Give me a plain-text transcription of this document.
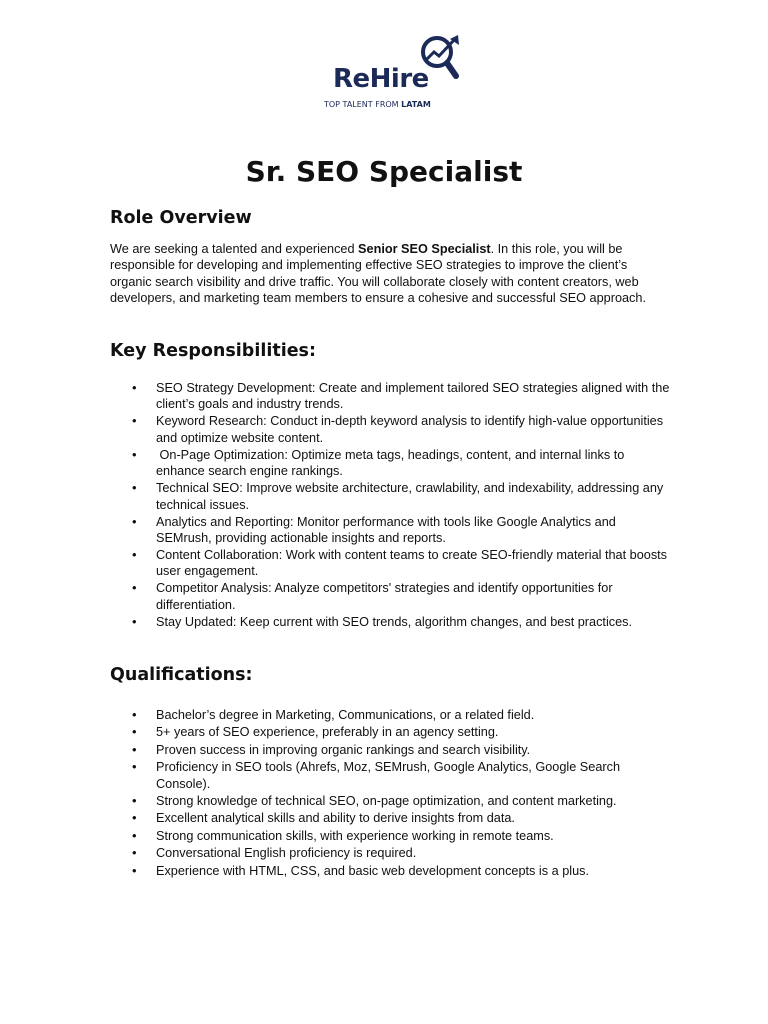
ReHire
TOP TALENT FROM LATAM
Sr. SEO Specialist
Role Overview

We are seeking a talented and experienced Senior SEO Specialist. In this role, you will be responsible for developing and implementing effective SEO strategies to improve the client’s organic search visibility and drive traffic. You will collaborate closely with content creators, web developers, and marketing team members to ensure a cohesive and successful SEO approach.

Key Responsibilities:
• SEO Strategy Development: Create and implement tailored SEO strategies aligned with the client’s goals and industry trends.
• Keyword Research: Conduct in-depth keyword analysis to identify high-value opportunities and optimize website content.
•  On-Page Optimization: Optimize meta tags, headings, content, and internal links to enhance search engine rankings.
• Technical SEO: Improve website architecture, crawlability, and indexability, addressing any technical issues.
• Analytics and Reporting: Monitor performance with tools like Google Analytics and SEMrush, providing actionable insights and reports.
• Content Collaboration: Work with content teams to create SEO-friendly material that boosts user engagement.
• Competitor Analysis: Analyze competitors' strategies and identify opportunities for differentiation.
• Stay Updated: Keep current with SEO trends, algorithm changes, and best practices.
Qualifications:
• Bachelor’s degree in Marketing, Communications, or a related field.
• 5+ years of SEO experience, preferably in an agency setting.
• Proven success in improving organic rankings and search visibility.
• Proficiency in SEO tools (Ahrefs, Moz, SEMrush, Google Analytics, Google Search Console).
• Strong knowledge of technical SEO, on-page optimization, and content marketing.
• Excellent analytical skills and ability to derive insights from data.
• Strong communication skills, with experience working in remote teams.
• Conversational English proficiency is required.
• Experience with HTML, CSS, and basic web development concepts is a plus.
